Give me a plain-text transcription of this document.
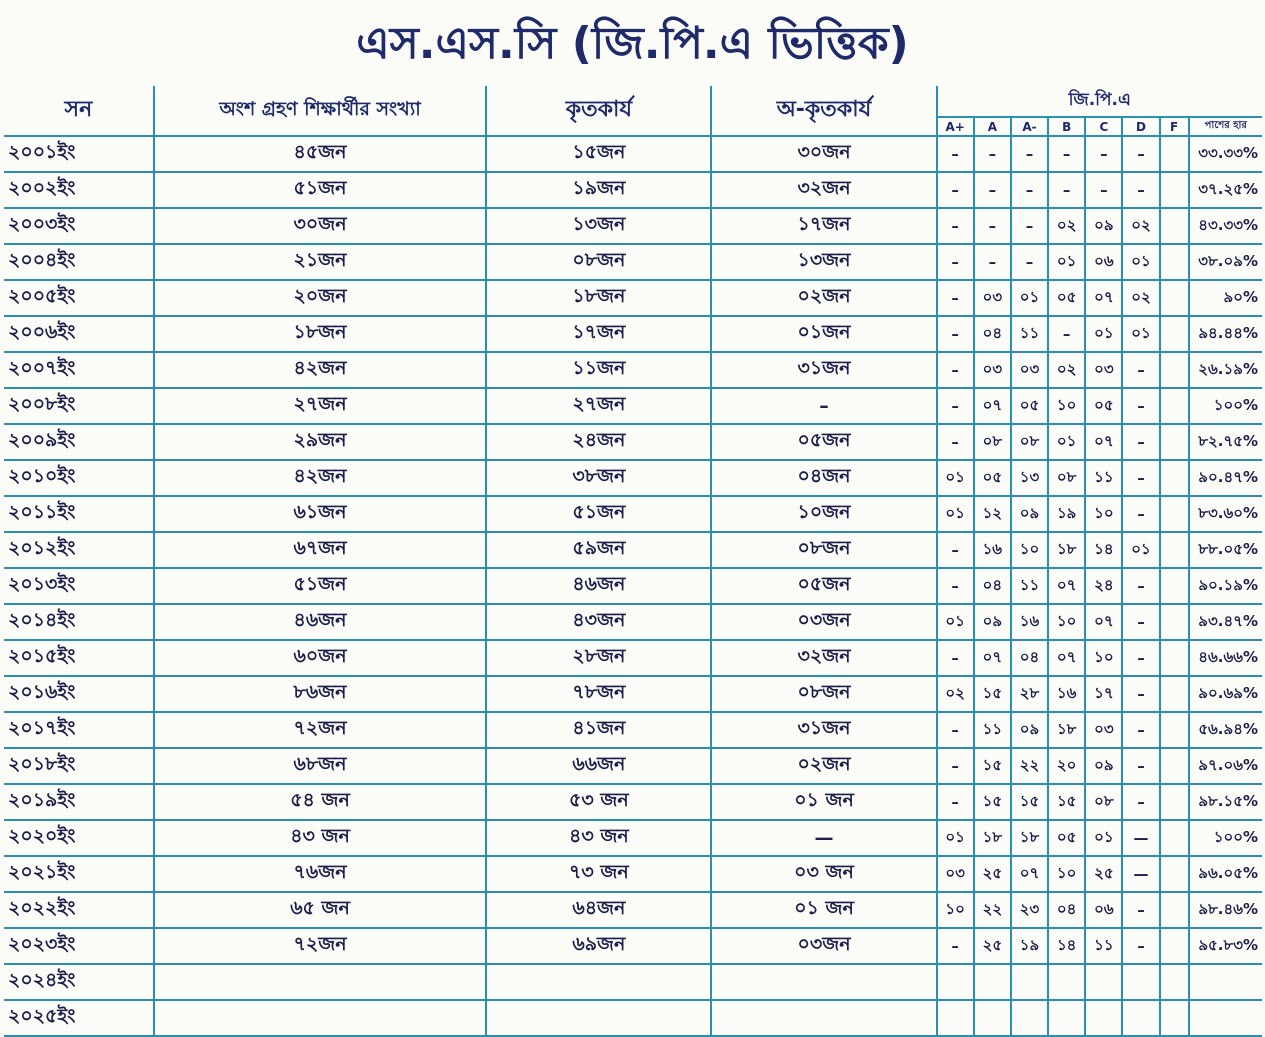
এস.এস.সি (জি.পি.এ ভিত্তিক)
সন	অংশ গ্রহণ শিক্ষার্থীর সংখ্যা	কৃতকার্য	অ-কৃতকার্য	জি.পি.এ							
				A+	A	A-	B	C	D	F	পাশের হার
২০০১ইং	৪৫জন	১৫জন	৩০জন	–	–	–	–	–	–		৩৩.৩৩%
২০০২ইং	৫১জন	১৯জন	৩২জন	–	–	–	–	–	–		৩৭.২৫%
২০০৩ইং	৩০জন	১৩জন	১৭জন	–	–	–	০২	০৯	০২		৪৩.৩৩%
২০০৪ইং	২১জন	০৮জন	১৩জন	–	–	–	০১	০৬	০১		৩৮.০৯%
২০০৫ইং	২০জন	১৮জন	০২জন	–	০৩	০১	০৫	০৭	০২		৯০%
২০০৬ইং	১৮জন	১৭জন	০১জন	–	০৪	১১	–	০১	০১		৯৪.৪৪%
২০০৭ইং	৪২জন	১১জন	৩১জন	–	০৩	০৩	০২	০৩	–		২৬.১৯%
২০০৮ইং	২৭জন	২৭জন	–	–	০৭	০৫	১০	০৫	–		১০০%
২০০৯ইং	২৯জন	২৪জন	০৫জন	–	০৮	০৮	০১	০৭	–		৮২.৭৫%
২০১০ইং	৪২জন	৩৮জন	০৪জন	০১	০৫	১৩	০৮	১১	–		৯০.৪৭%
২০১১ইং	৬১জন	৫১জন	১০জন	০১	১২	০৯	১৯	১০	–		৮৩.৬০%
২০১২ইং	৬৭জন	৫৯জন	০৮জন	–	১৬	১০	১৮	১৪	০১		৮৮.০৫%
২০১৩ইং	৫১জন	৪৬জন	০৫জন	–	০৪	১১	০৭	২৪	–		৯০.১৯%
২০১৪ইং	৪৬জন	৪৩জন	০৩জন	০১	০৯	১৬	১০	০৭	–		৯৩.৪৭%
২০১৫ইং	৬০জন	২৮জন	৩২জন	–	০৭	০৪	০৭	১০	–		৪৬.৬৬%
২০১৬ইং	৮৬জন	৭৮জন	০৮জন	০২	১৫	২৮	১৬	১৭	–		৯০.৬৯%
২০১৭ইং	৭২জন	৪১জন	৩১জন	–	১১	০৯	১৮	০৩	–		৫৬.৯৪%
২০১৮ইং	৬৮জন	৬৬জন	০২জন	–	১৫	২২	২০	০৯	–		৯৭.০৬%
২০১৯ইং	৫৪ জন	৫৩ জন	০১ জন	–	১৫	১৫	১৫	০৮	–		৯৮.১৫%
২০২০ইং	৪৩ জন	৪৩ জন	—	০১	১৮	১৮	০৫	০১	—		১০০%
২০২১ইং	৭৬জন	৭৩ জন	০৩ জন	০৩	২৫	০৭	১০	২৫	—		৯৬.০৫%
২০২২ইং	৬৫ জন	৬৪জন	০১ জন	১০	২২	২৩	০৪	০৬	–		৯৮.৪৬%
২০২৩ইং	৭২জন	৬৯জন	০৩জন	–	২৫	১৯	১৪	১১	–		৯৫.৮৩%
২০২৪ইং											
২০২৫ইং											
